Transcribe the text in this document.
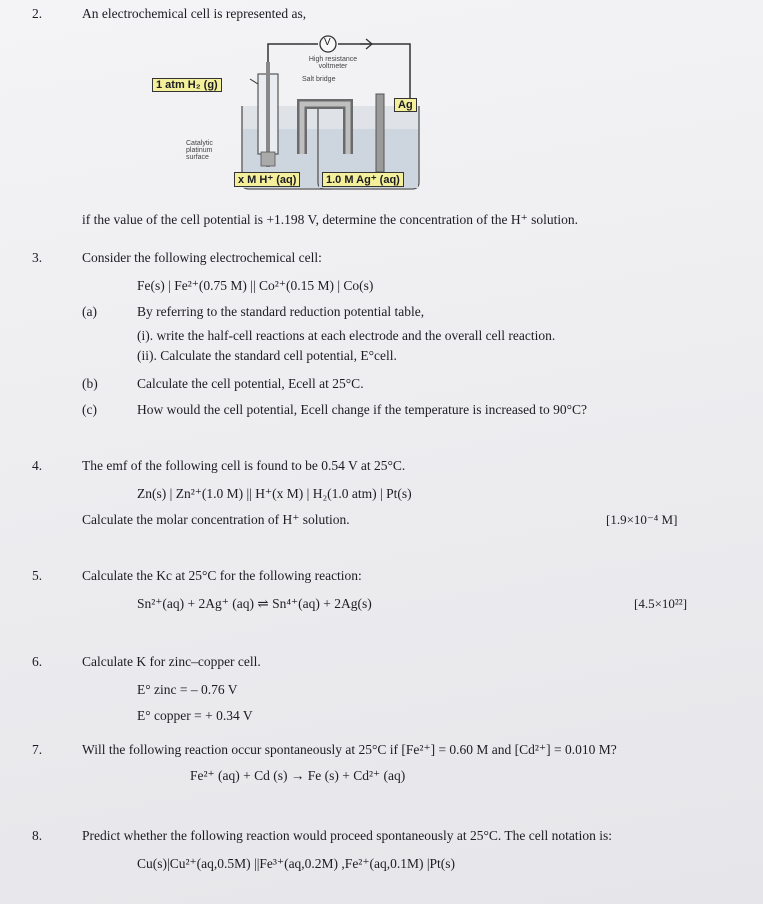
2.	An electrochemical cell is represented as,
V
1 atm H₂ (g)
High resistance voltmeter
Salt bridge
Ag
Catalytic platinum surface
x M H⁺ (aq)	1.0 M Ag⁺ (aq)
if the value of the cell potential is +1.198 V, determine the concentration of the H⁺ solution.
3.	Consider the following electrochemical cell:
Fe(s) | Fe²⁺(0.75 M) || Co²⁺(0.15 M) | Co(s)
(a)	By referring to the standard reduction potential table,
(i). write the half-cell reactions at each electrode and the overall cell reaction.
(ii). Calculate the standard cell potential, E°cell.
(b)	Calculate the cell potential, Ecell at 25°C.
(c)	How would the cell potential, Ecell change if the temperature is increased to 90°C?
4.	The emf of the following cell is found to be 0.54 V at 25°C.
Zn(s) | Zn²⁺(1.0 M) || H⁺(x M) | H₂(1.0 atm) | Pt(s)
Calculate the molar concentration of H⁺ solution.	[1.9×10⁻⁴ M]
5.	Calculate the Kc at 25°C for the following reaction:
Sn²⁺(aq) + 2Ag⁺ (aq) ⇌ Sn⁴⁺(aq) + 2Ag(s)	[4.5×10²²]
6.	Calculate K for zinc–copper cell.
E° zinc = – 0.76 V
E° copper = + 0.34 V
7.	Will the following reaction occur spontaneously at 25°C if [Fe²⁺] = 0.60 M and [Cd²⁺] = 0.010 M?
Fe²⁺ (aq) + Cd (s) → Fe (s) + Cd²⁺ (aq)
8.	Predict whether the following reaction would proceed spontaneously at 25°C. The cell notation is:
Cu(s)|Cu²⁺(aq,0.5M) ||Fe³⁺(aq,0.2M) ,Fe²⁺(aq,0.1M) |Pt(s)
